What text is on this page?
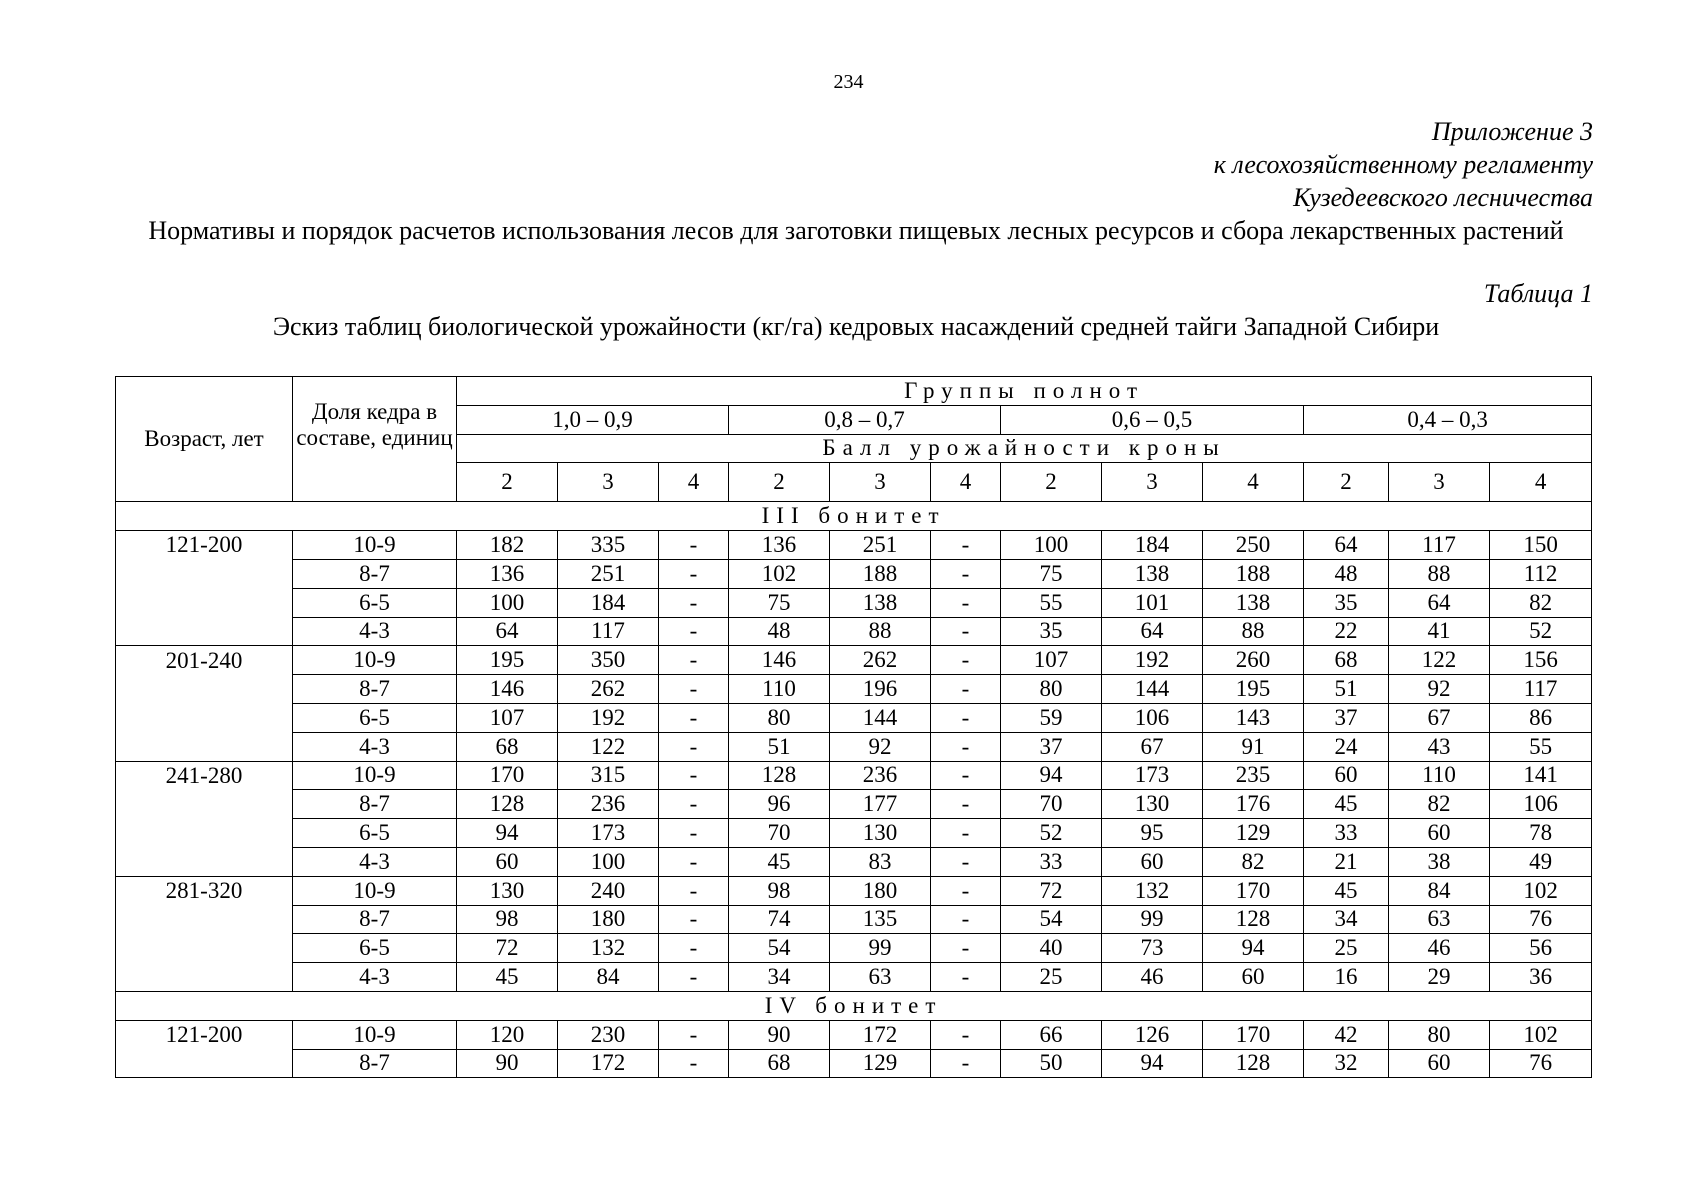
234
Приложение 3
к лесохозяйственному регламенту
Кузедеевского лесничества
Нормативы и порядок расчетов использования лесов для заготовки пищевых лесных ресурсов и сбора лекарственных растений
Таблица 1
Эскиз таблиц биологической урожайности (кг/га) кедровых насаждений средней тайги Западной Сибири
Возраст, лет	Доля кедра в составе, единиц	Группы полнот											
		1,0 – 0,9			0,8 – 0,7			0,6 – 0,5			0,4 – 0,3		
		Балл урожайности кроны											
		2	3	4	2	3	4	2	3	4	2	3	4
III бонитет													
121-200	10-9	182	335	-	136	251	-	100	184	250	64	117	150
	8-7	136	251	-	102	188	-	75	138	188	48	88	112
	6-5	100	184	-	75	138	-	55	101	138	35	64	82
	4-3	64	117	-	48	88	-	35	64	88	22	41	52
201-240	10-9	195	350	-	146	262	-	107	192	260	68	122	156
	8-7	146	262	-	110	196	-	80	144	195	51	92	117
	6-5	107	192	-	80	144	-	59	106	143	37	67	86
	4-3	68	122	-	51	92	-	37	67	91	24	43	55
241-280	10-9	170	315	-	128	236	-	94	173	235	60	110	141
	8-7	128	236	-	96	177	-	70	130	176	45	82	106
	6-5	94	173	-	70	130	-	52	95	129	33	60	78
	4-3	60	100	-	45	83	-	33	60	82	21	38	49
281-320	10-9	130	240	-	98	180	-	72	132	170	45	84	102
	8-7	98	180	-	74	135	-	54	99	128	34	63	76
	6-5	72	132	-	54	99	-	40	73	94	25	46	56
	4-3	45	84	-	34	63	-	25	46	60	16	29	36
IV бонитет													
121-200	10-9	120	230	-	90	172	-	66	126	170	42	80	102
	8-7	90	172	-	68	129	-	50	94	128	32	60	76
